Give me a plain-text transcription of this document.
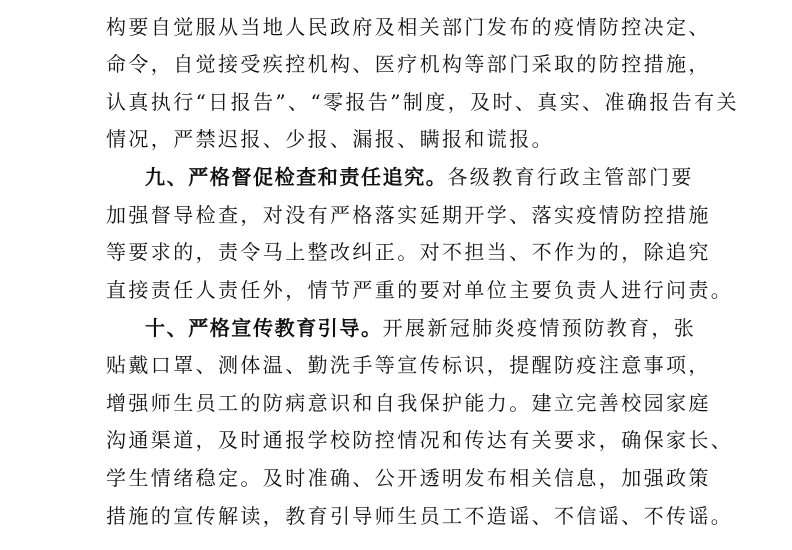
构要自觉服从当地人民政府及相关部门发布的疫情防控决定、
命令，自觉接受疾控机构、医疗机构等部门采取的防控措施，
认真执行“日报告”、“零报告”制度，及时、真实、准确报告有关
情况，严禁迟报、少报、漏报、瞒报和谎报。
九、严格督促检查和责任追究。各级教育行政主管部门要
加强督导检查，对没有严格落实延期开学、落实疫情防控措施
等要求的，责令马上整改纠正。对不担当、不作为的，除追究
直接责任人责任外，情节严重的要对单位主要负责人进行问责。
十、严格宣传教育引导。开展新冠肺炎疫情预防教育，张
贴戴口罩、测体温、勤洗手等宣传标识，提醒防疫注意事项，
增强师生员工的防病意识和自我保护能力。建立完善校园家庭
沟通渠道，及时通报学校防控情况和传达有关要求，确保家长、
学生情绪稳定。及时准确、公开透明发布相关信息，加强政策
措施的宣传解读，教育引导师生员工不造谣、不信谣、不传谣。
